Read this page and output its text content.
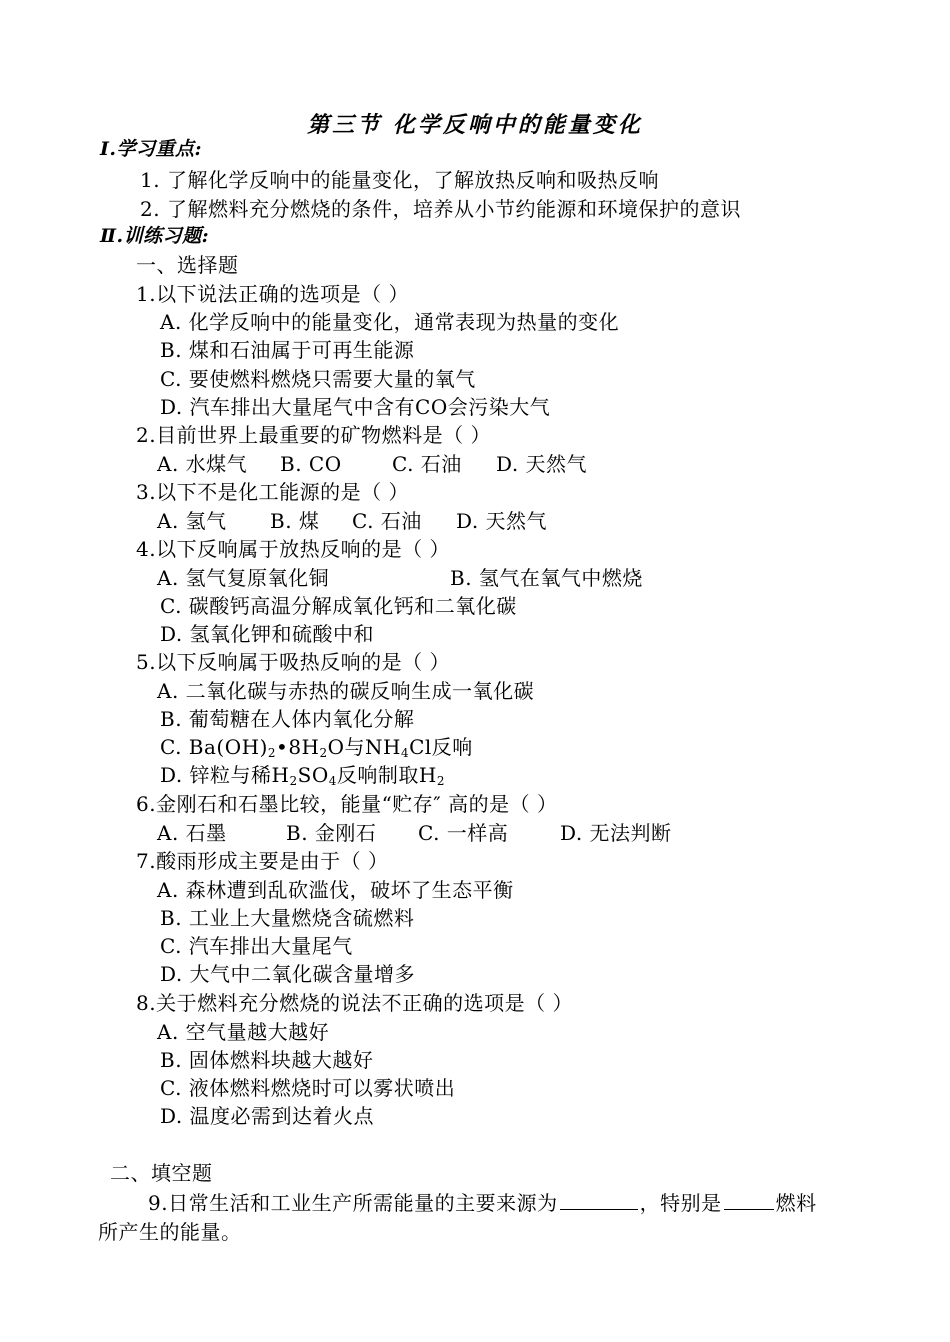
第三节 化学反响中的能量变化
Ⅰ.学习重点:
1. 了解化学反响中的能量变化，了解放热反响和吸热反响
2. 了解燃料充分燃烧的条件，培养从小节约能源和环境保护的意识
Ⅱ.训练习题:
一、选择题
1.以下说法正确的选项是（ ）
A. 化学反响中的能量变化，通常表现为热量的变化
B. 煤和石油属于可再生能源
C. 要使燃料燃烧只需要大量的氧气
D. 汽车排出大量尾气中含有CO会污染大气
2.目前世界上最重要的矿物燃料是（ ）
A. 水煤气 B. CO	C. 石油 D. 天然气
3.以下不是化工能源的是（ ）
A. 氢气 B. 煤 C. 石油 D. 天然气
4.以下反响属于放热反响的是（ ）
A. 氢气复原氧化铜	B. 氢气在氧气中燃烧
C. 碳酸钙高温分解成氧化钙和二氧化碳
D. 氢氧化钾和硫酸中和
5.以下反响属于吸热反响的是（ ）
A. 二氧化碳与赤热的碳反响生成一氧化碳
B. 葡萄糖在人体内氧化分解
C. $Ba(OH)_2•8H_2O$与$NH_4Cl$反响
D. 锌粒与稀$H_2SO_4$反响制取$H_2$
6.金刚石和石墨比较，能量“贮存″ 高的是（ ）
A. 石墨	B. 金刚石 C. 一样高	D. 无法判断
7.酸雨形成主要是由于（ ）
A. 森林遭到乱砍滥伐，破坏了生态平衡
B. 工业上大量燃烧含硫燃料
C. 汽车排出大量尾气
D. 大气中二氧化碳含量增多
8.关于燃料充分燃烧的说法不正确的选项是（ ）
A. 空气量越大越好
B. 固体燃料块越大越好
C. 液体燃料燃烧时可以雾状喷出
D. 温度必需到达着火点
二、填空题
9.日常生活和工业生产所需能量的主要来源为	，特别是	燃料
所产生的能量。
